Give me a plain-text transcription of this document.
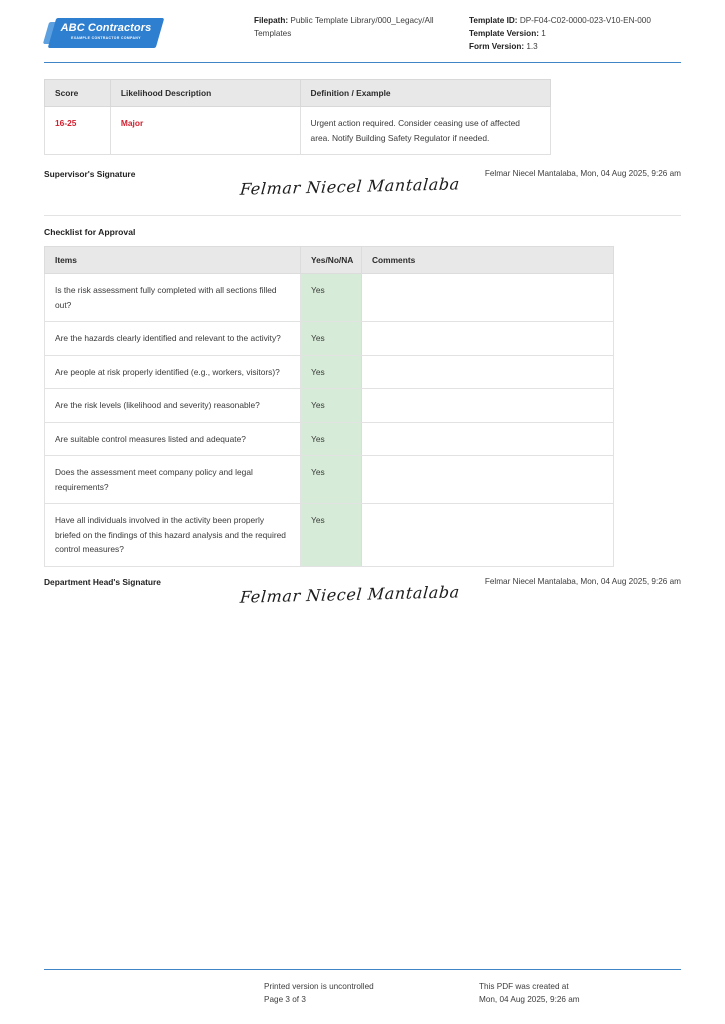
ABC Contractors
EXAMPLE CONTRACTOR COMPANY
Filepath: Public Template Library/000_Legacy/All Templates
Template ID: DP-F04-C02-0000-023-V10-EN-000
Template Version: 1
Form Version: 1.3
Score	Likelihood Description	Definition / Example
16-25	Major	Urgent action required. Consider ceasing use of affected area. Notify Building Safety Regulator if needed.
Supervisor's Signature
Felmar Niecel Mantalaba
Felmar Niecel Mantalaba, Mon, 04 Aug 2025, 9:26 am
Checklist for Approval
Items	Yes/No/NA	Comments
Is the risk assessment fully completed with all sections filled out?	Yes	
Are the hazards clearly identified and relevant to the activity?	Yes	
Are people at risk properly identified (e.g., workers, visitors)?	Yes	
Are the risk levels (likelihood and severity) reasonable?	Yes	
Are suitable control measures listed and adequate?	Yes	
Does the assessment meet company policy and legal requirements?	Yes	
Have all individuals involved in the activity been properly briefed on the findings of this hazard analysis and the required control measures?	Yes	
Department Head's Signature
Felmar Niecel Mantalaba
Felmar Niecel Mantalaba, Mon, 04 Aug 2025, 9:26 am
Printed version is uncontrolled
Page 3 of 3
This PDF was created at
Mon, 04 Aug 2025, 9:26 am
